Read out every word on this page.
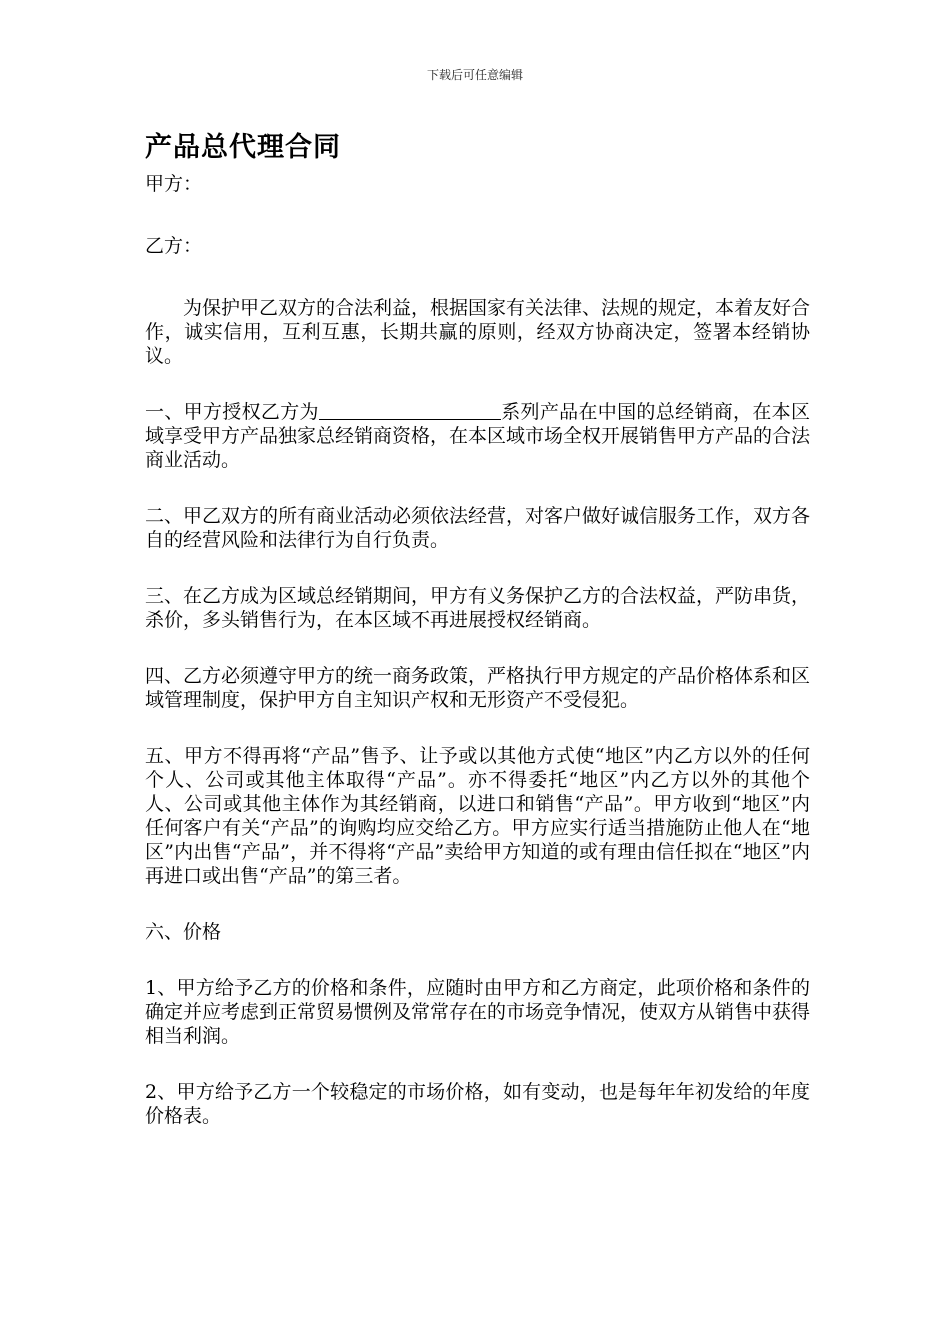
下载后可任意编辑
产品总代理合同

甲方：

乙方：

为保护甲乙双方的合法利益，根据国家有关法律、法规的规定，本着友好合作，诚实信用，互利互惠，长期共赢的原则，经双方协商决定，签署本经销协议。

一、甲方授权乙方为	系列产品在中国的总经销商，在本区域享受甲方产品独家总经销商资格，在本区域市场全权开展销售甲方产品的合法商业活动。

二、甲乙双方的所有商业活动必须依法经营，对客户做好诚信服务工作，双方各自的经营风险和法律行为自行负责。

三、在乙方成为区域总经销期间，甲方有义务保护乙方的合法权益，严防串货，杀价，多头销售行为，在本区域不再进展授权经销商。

四、乙方必须遵守甲方的统一商务政策，严格执行甲方规定的产品价格体系和区域管理制度，保护甲方自主知识产权和无形资产不受侵犯。

五、甲方不得再将“产品”售予、让予或以其他方式使“地区”内乙方以外的任何个人、公司或其他主体取得“产品”。亦不得委托“地区”内乙方以外的其他个人、公司或其他主体作为其经销商，以进口和销售“产品”。甲方收到“地区”内任何客户有关“产品”的询购均应交给乙方。甲方应实行适当措施防止他人在“地区”内出售“产品”，并不得将“产品”卖给甲方知道的或有理由信任拟在“地区”内再进口或出售“产品”的第三者。

六、价格

1、甲方给予乙方的价格和条件，应随时由甲方和乙方商定，此项价格和条件的确定并应考虑到正常贸易惯例及常常存在的市场竞争情况，使双方从销售中获得相当利润。

2、甲方给予乙方一个较稳定的市场价格，如有变动，也是每年年初发给的年度价格表。
